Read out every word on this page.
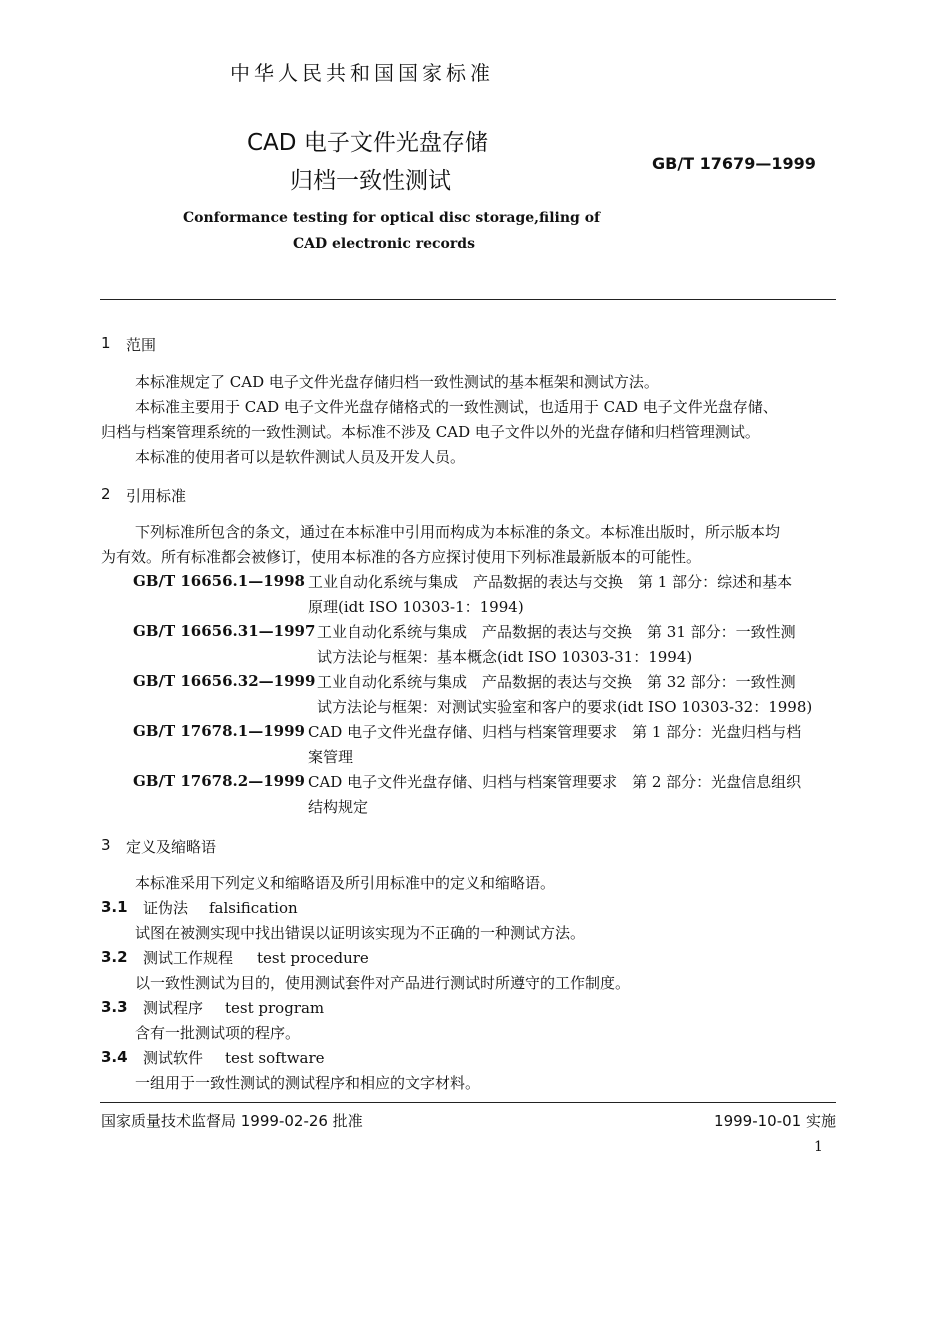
中华人民共和国国家标准
CAD 电子文件光盘存储
归档一致性测试
GB/T 17679—1999
Conformance testing for optical disc storage,filing of
CAD electronic records
1 范围
本标准规定了 CAD 电子文件光盘存储归档一致性测试的基本框架和测试方法。
本标准主要用于 CAD 电子文件光盘存储格式的一致性测试，也适用于 CAD 电子文件光盘存储、
归档与档案管理系统的一致性测试。本标准不涉及 CAD 电子文件以外的光盘存储和归档管理测试。
本标准的使用者可以是软件测试人员及开发人员。
2 引用标准
下列标准所包含的条文，通过在本标准中引用而构成为本标准的条文。本标准出版时，所示版本均
为有效。所有标准都会被修订，使用本标准的各方应探讨使用下列标准最新版本的可能性。
GB/T 16656.1—1998 工业自动化系统与集成　产品数据的表达与交换　第 1 部分：综述和基本
原理(idt ISO 10303-1：1994)
GB/T 16656.31—1997 工业自动化系统与集成　产品数据的表达与交换　第 31 部分：一致性测
试方法论与框架：基本概念(idt ISO 10303-31：1994)
GB/T 16656.32—1999 工业自动化系统与集成　产品数据的表达与交换　第 32 部分：一致性测
试方法论与框架：对测试实验室和客户的要求(idt ISO 10303-32：1998)
GB/T 17678.1—1999 CAD 电子文件光盘存储、归档与档案管理要求　第 1 部分：光盘归档与档
案管理
GB/T 17678.2—1999 CAD 电子文件光盘存储、归档与档案管理要求　第 2 部分：光盘信息组织
结构规定
3 定义及缩略语
本标准采用下列定义和缩略语及所引用标准中的定义和缩略语。
3.1 证伪法 falsification
试图在被测实现中找出错误以证明该实现为不正确的一种测试方法。
3.2 测试工作规程 test procedure
以一致性测试为目的，使用测试套件对产品进行测试时所遵守的工作制度。
3.3 测试程序 test program
含有一批测试项的程序。
3.4 测试软件 test software
一组用于一致性测试的测试程序和相应的文字材料。
国家质量技术监督局 1999-02-26 批准	1999-10-01 实施
1
